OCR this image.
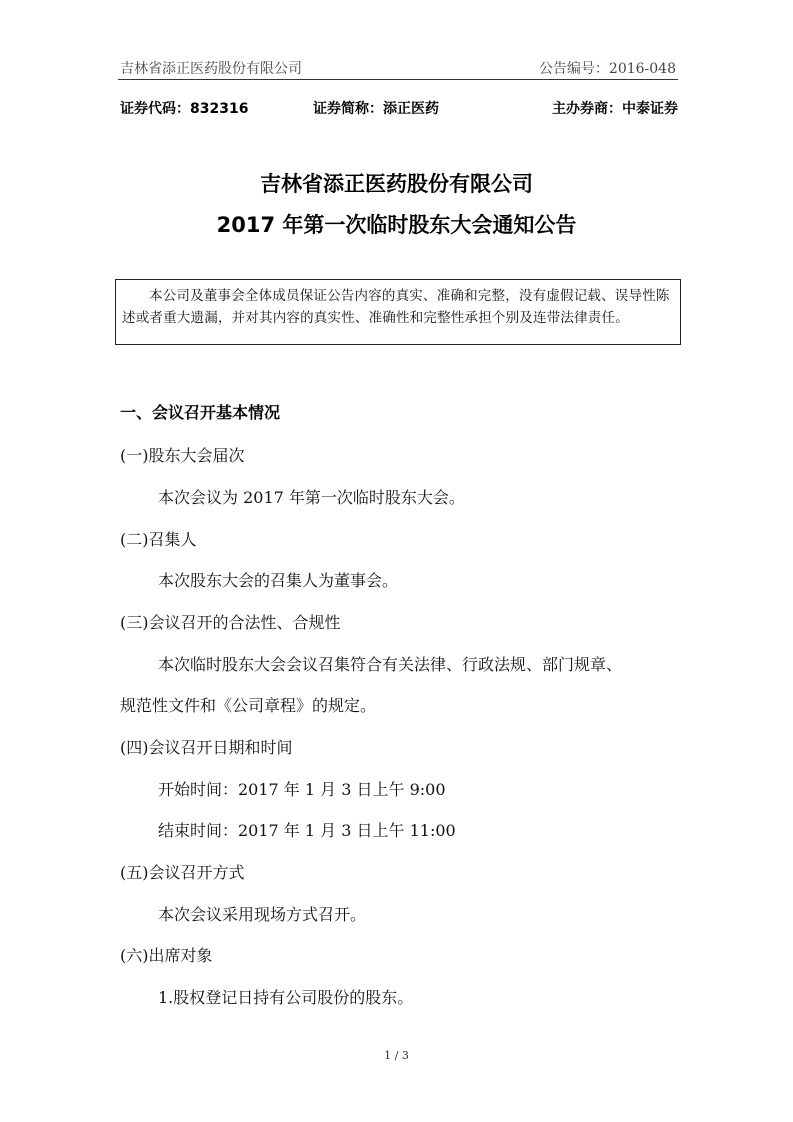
吉林省添正医药股份有限公司	公告编号：2016-048
证券代码：832316	证券简称：添正医药	主办券商：中泰证券
吉林省添正医药股份有限公司
2017 年第一次临时股东大会通知公告
本公司及董事会全体成员保证公告内容的真实、准确和完整，没有虚假记载、误导性陈述或者重大遗漏，并对其内容的真实性、准确性和完整性承担个别及连带法律责任。
一、会议召开基本情况
(一)股东大会届次
本次会议为 2017 年第一次临时股东大会。
(二)召集人
本次股东大会的召集人为董事会。
(三)会议召开的合法性、合规性
本次临时股东大会会议召集符合有关法律、行政法规、部门规章、
规范性文件和《公司章程》的规定。
(四)会议召开日期和时间
开始时间：2017 年 1 月 3 日上午 9:00
结束时间：2017 年 1 月 3 日上午 11:00
(五)会议召开方式
本次会议采用现场方式召开。
(六)出席对象
1.股权登记日持有公司股份的股东。
1 / 3
